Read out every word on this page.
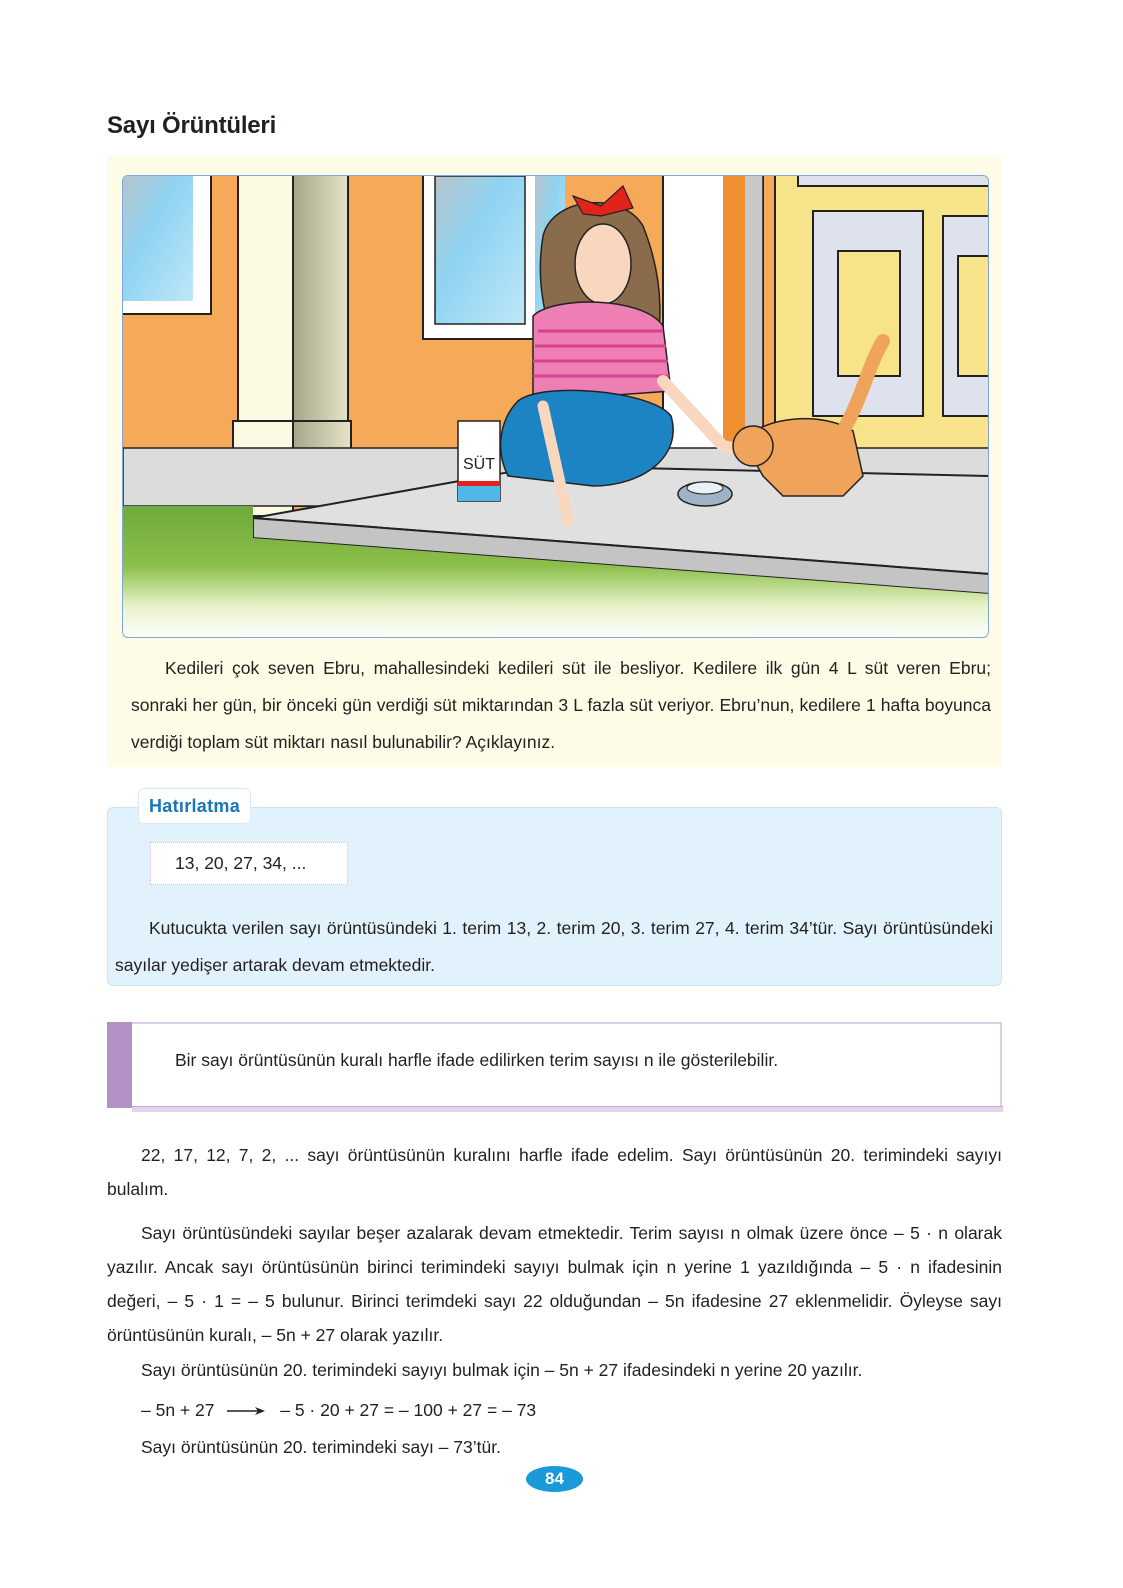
Sayı Örüntüleri
SÜT

Kedileri çok seven Ebru, mahallesindeki kedileri süt ile besliyor. Kedilere ilk gün 4 L süt veren Ebru; sonraki her gün, bir önceki gün verdiği süt miktarından 3 L fazla süt veriyor. Ebru’nun, kedilere 1 hafta boyunca verdiği toplam süt miktarı nasıl bulunabilir? Açıklayınız.

Hatırlatma
13, 20, 27, 34, ...

Kutucukta verilen sayı örüntüsündeki 1. terim 13, 2. terim 20, 3. terim 27, 4. terim 34’tür. Sayı örüntüsündeki sayılar yedişer artarak devam etmektedir.

Bir sayı örüntüsünün kuralı harfle ifade edilirken terim sayısı n ile gösterilebilir.

22, 17, 12, 7, 2, ... sayı örüntüsünün kuralını harfle ifade edelim. Sayı örüntüsünün 20. terimindeki sayıyı bulalım.

Sayı örüntüsündeki sayılar beşer azalarak devam etmektedir. Terim sayısı n olmak üzere önce – 5 · n olarak yazılır. Ancak sayı örüntüsünün birinci terimindeki sayıyı bulmak için n yerine 1 yazıldığında – 5 · n ifadesinin değeri, – 5 · 1 = – 5 bulunur. Birinci terimdeki sayı 22 olduğundan – 5n ifadesine 27 eklenmelidir. Öyleyse sayı örüntüsünün kuralı, – 5n + 27 olarak yazılır.

Sayı örüntüsünün 20. terimindeki sayıyı bulmak için – 5n + 27 ifadesindeki n yerine 20 yazılır.

– 5n + 27	– 5 · 20 + 27 = – 100 + 27 = – 73

Sayı örüntüsünün 20. terimindeki sayı – 73’tür.

84
